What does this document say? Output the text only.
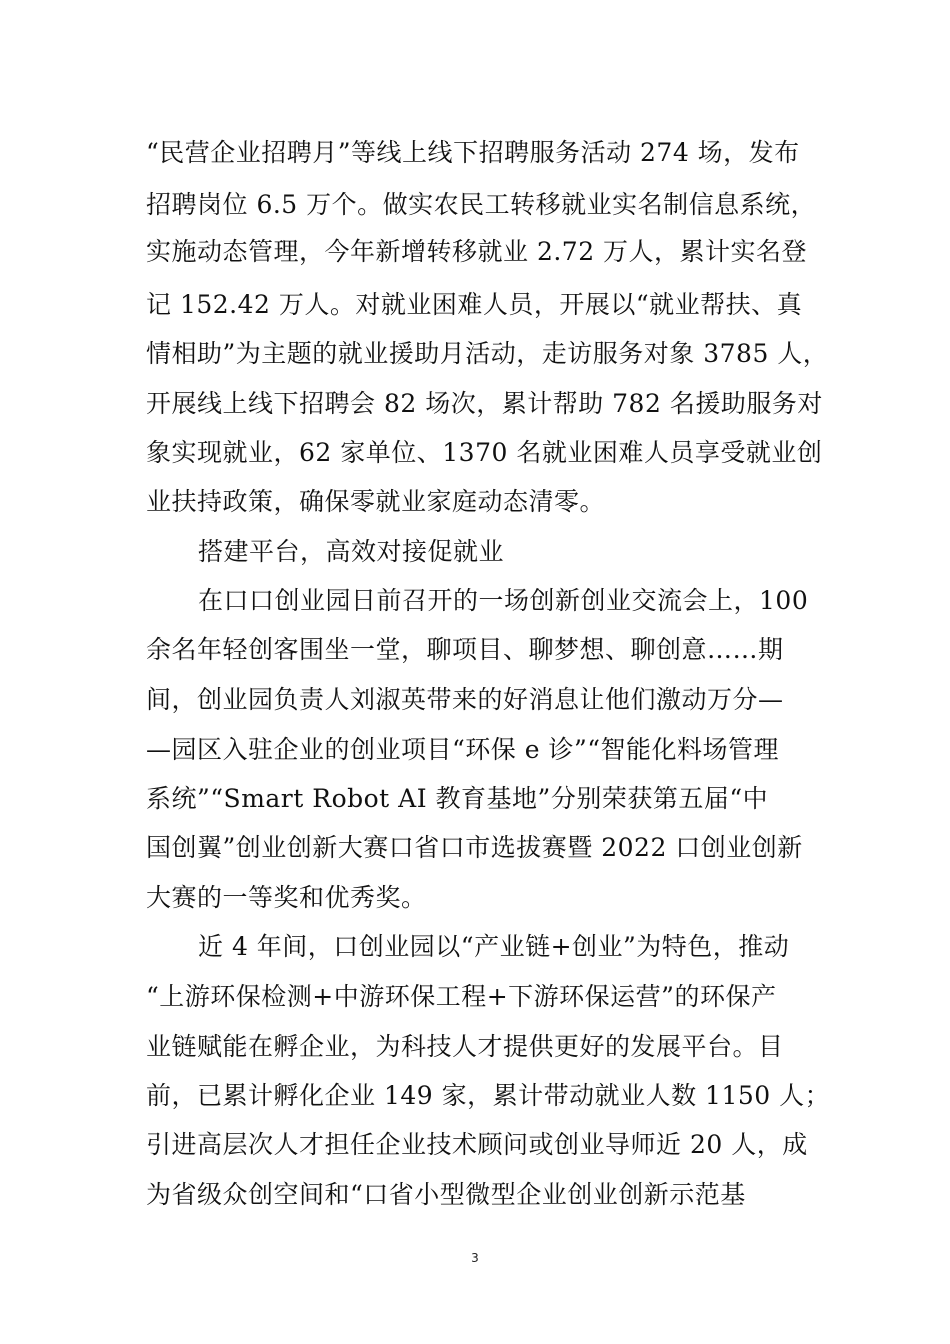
“民营企业招聘月”等线上线下招聘服务活动 274 场，发布
招聘岗位 6.5 万个。做实农民工转移就业实名制信息系统，
实施动态管理，今年新增转移就业 2.72 万人，累计实名登
记 152.42 万人。对就业困难人员，开展以“就业帮扶、真
情相助”为主题的就业援助月活动，走访服务对象 3785 人，
开展线上线下招聘会 82 场次，累计帮助 782 名援助服务对
象实现就业，62 家单位、1370 名就业困难人员享受就业创
业扶持政策，确保零就业家庭动态清零。
搭建平台，高效对接促就业
在口口创业园日前召开的一场创新创业交流会上，100
余名年轻创客围坐一堂，聊项目、聊梦想、聊创意……期
间，创业园负责人刘淑英带来的好消息让他们激动万分—
—园区入驻企业的创业项目“环保 e 诊”“智能化料场管理
系统”“Smart Robot AI 教育基地”分别荣获第五届“中
国创翼”创业创新大赛口省口市选拔赛暨 2022 口创业创新
大赛的一等奖和优秀奖。
近 4 年间，口创业园以“产业链+创业”为特色，推动
“上游环保检测+中游环保工程+下游环保运营”的环保产
业链赋能在孵企业，为科技人才提供更好的发展平台。目
前，已累计孵化企业 149 家，累计带动就业人数 1150 人；
引进高层次人才担任企业技术顾问或创业导师近 20 人，成
为省级众创空间和“口省小型微型企业创业创新示范基
3
